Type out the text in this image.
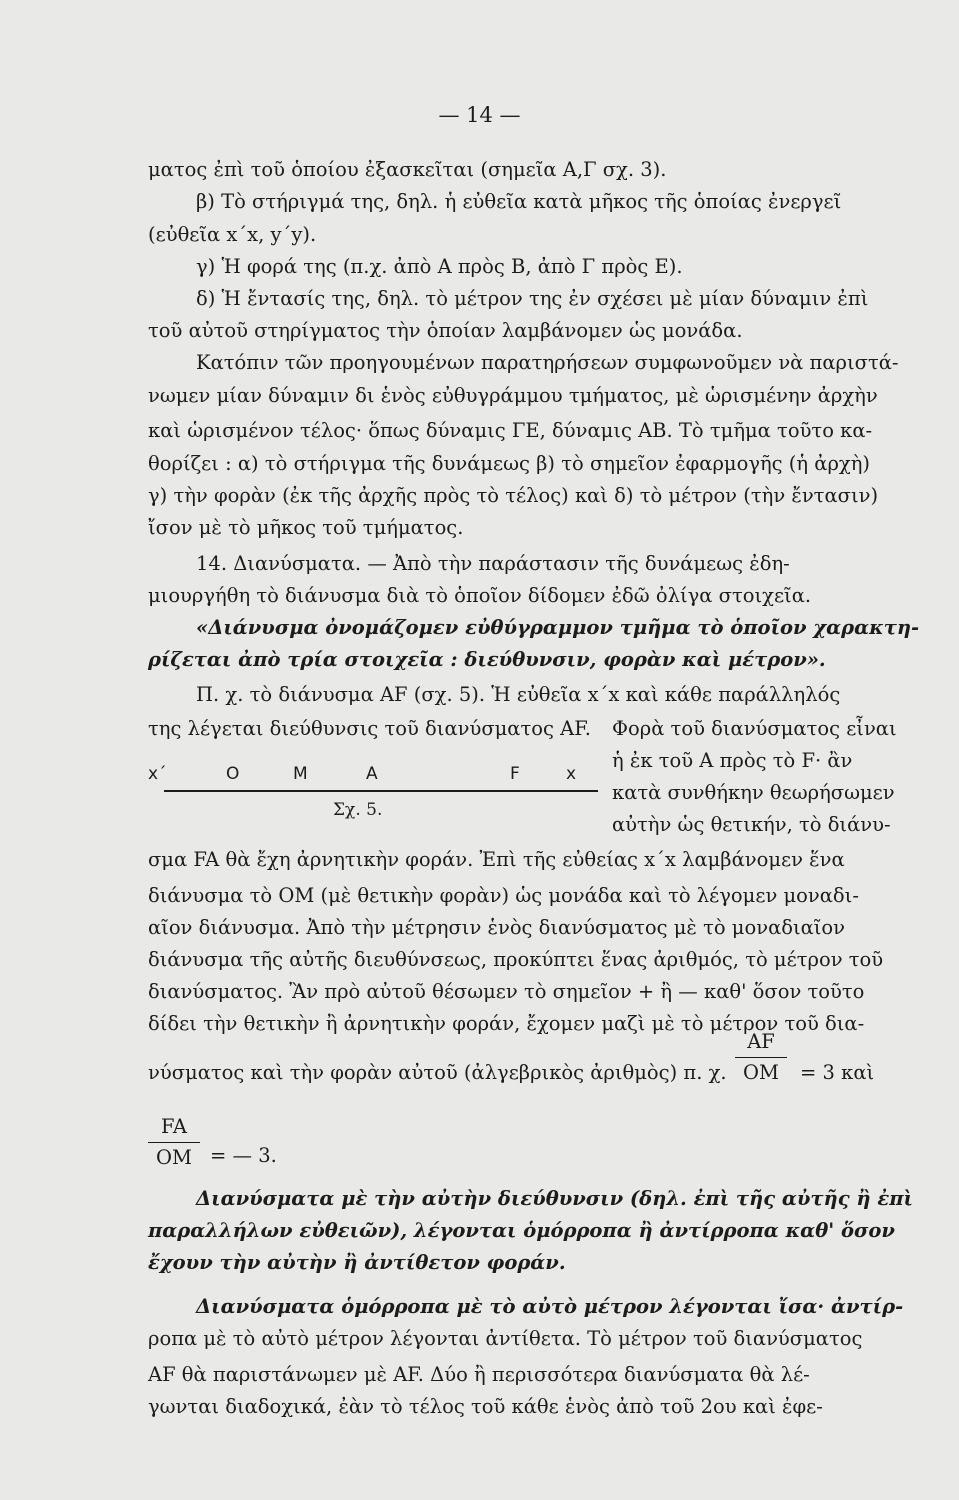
— 14 —
ματος ἐπὶ τοῦ ὁποίου ἐξασκεῖται (σημεῖα Α,Γ σχ. 3).
β) Τὸ στήριγμά της, δηλ. ἡ εὐθεῖα κατὰ μῆκος τῆς ὁποίας ἐνεργεῖ
(εὐθεῖα x΄x, y΄y).
γ) Ἡ φορά της (π.χ. ἀπὸ Α πρὸς Β, ἀπὸ Γ πρὸς Ε).
δ) Ἡ ἔντασίς της, δηλ. τὸ μέτρον της ἐν σχέσει μὲ μίαν δύναμιν ἐπὶ
τοῦ αὐτοῦ στηρίγματος τὴν ὁποίαν λαμβάνομεν ὡς μονάδα.
Κατόπιν τῶν προηγουμένων παρατηρήσεων συμφωνοῦμεν νὰ παριστά-
νωμεν μίαν δύναμιν δι ἑνὸς εὐθυγράμμου τμήματος, μὲ ὡρισμένην ἀρχὴν
καὶ ὡρισμένον τέλος· ὅπως δύναμις ΓΕ, δύναμις ΑΒ. Τὸ τμῆμα τοῦτο κα-
θορίζει : α) τὸ στήριγμα τῆς δυνάμεως β) τὸ σημεῖον ἐφαρμογῆς (ἡ ἀρχὴ)
γ) τὴν φορὰν (ἐκ τῆς ἀρχῆς πρὸς τὸ τέλος) καὶ δ) τὸ μέτρον (τὴν ἔντασιν)
ἴσον μὲ τὸ μῆκος τοῦ τμήματος.
14. Διανύσματα. — Ἀπὸ τὴν παράστασιν τῆς δυνάμεως ἐδη-
μιουργήθη τὸ διάνυσμα διὰ τὸ ὁποῖον δίδομεν ἐδῶ ὀλίγα στοιχεῖα.
«Διάνυσμα ὀνομάζομεν εὐθύγραμμον τμῆμα τὸ ὁποῖον χαρακτη-
ρίζεται ἀπὸ τρία στοιχεῖα : διεύθυνσιν, φορὰν καὶ μέτρον».
Π. χ. τὸ διάνυσμα ΑF (σχ. 5). Ἡ εὐθεῖα x΄x καὶ κάθε παράλληλός
της λέγεται διεύθυνσις τοῦ διανύσματος ΑF.	Φορὰ τοῦ διανύσματος εἶναι
ἡ ἐκ τοῦ Α πρὸς τὸ F· ἂν
κατὰ συνθήκην θεωρήσωμεν
αὐτὴν ὡς θετικήν, τὸ διάνυ-
x΄	Ο	Μ	Α	F	x
Σχ. 5.
σμα FA θὰ ἔχη ἀρνητικὴν φοράν. Ἐπὶ τῆς εὐθείας x΄x λαμβάνομεν ἕνα
διάνυσμα τὸ ΟΜ (μὲ θετικὴν φορὰν) ὡς μονάδα καὶ τὸ λέγομεν μοναδι-
αῖον διάνυσμα. Ἀπὸ τὴν μέτρησιν ἑνὸς διανύσματος μὲ τὸ μοναδιαῖον
διάνυσμα τῆς αὐτῆς διευθύνσεως, προκύπτει ἕνας ἀριθμός, τὸ μέτρον τοῦ
διανύσματος. Ἂν πρὸ αὐτοῦ θέσωμεν τὸ σημεῖον + ἢ — καθ' ὅσον τοῦτο
δίδει τὴν θετικὴν ἢ ἀρνητικὴν φοράν, ἔχομεν μαζὶ μὲ τὸ μέτρον τοῦ δια-
νύσματος καὶ τὴν φορὰν αὐτοῦ (ἀλγεβρικὸς ἀριθμὸς) π. χ.
ΑF
ΟΜ	= 3 καὶ
FA
ΟΜ = — 3.
Διανύσματα μὲ τὴν αὐτὴν διεύθυνσιν (δηλ. ἐπὶ τῆς αὐτῆς ἢ ἐπὶ
παραλλήλων εὐθειῶν), λέγονται ὁμόρροπα ἢ ἀντίρροπα καθ' ὅσον
ἔχουν τὴν αὐτὴν ἢ ἀντίθετον φοράν.
Διανύσματα ὁμόρροπα μὲ τὸ αὐτὸ μέτρον λέγονται ἴσα· ἀντίρ-
ροπα μὲ τὸ αὐτὸ μέτρον λέγονται ἀντίθετα. Τὸ μέτρον τοῦ διανύσματος
AF θὰ παριστάνωμεν μὲ ΑF. Δύο ἢ περισσότερα διανύσματα θὰ λέ-
γωνται διαδοχικά, ἐὰν τὸ τέλος τοῦ κάθε ἑνὸς ἀπὸ τοῦ 2ου καὶ ἐφε-
